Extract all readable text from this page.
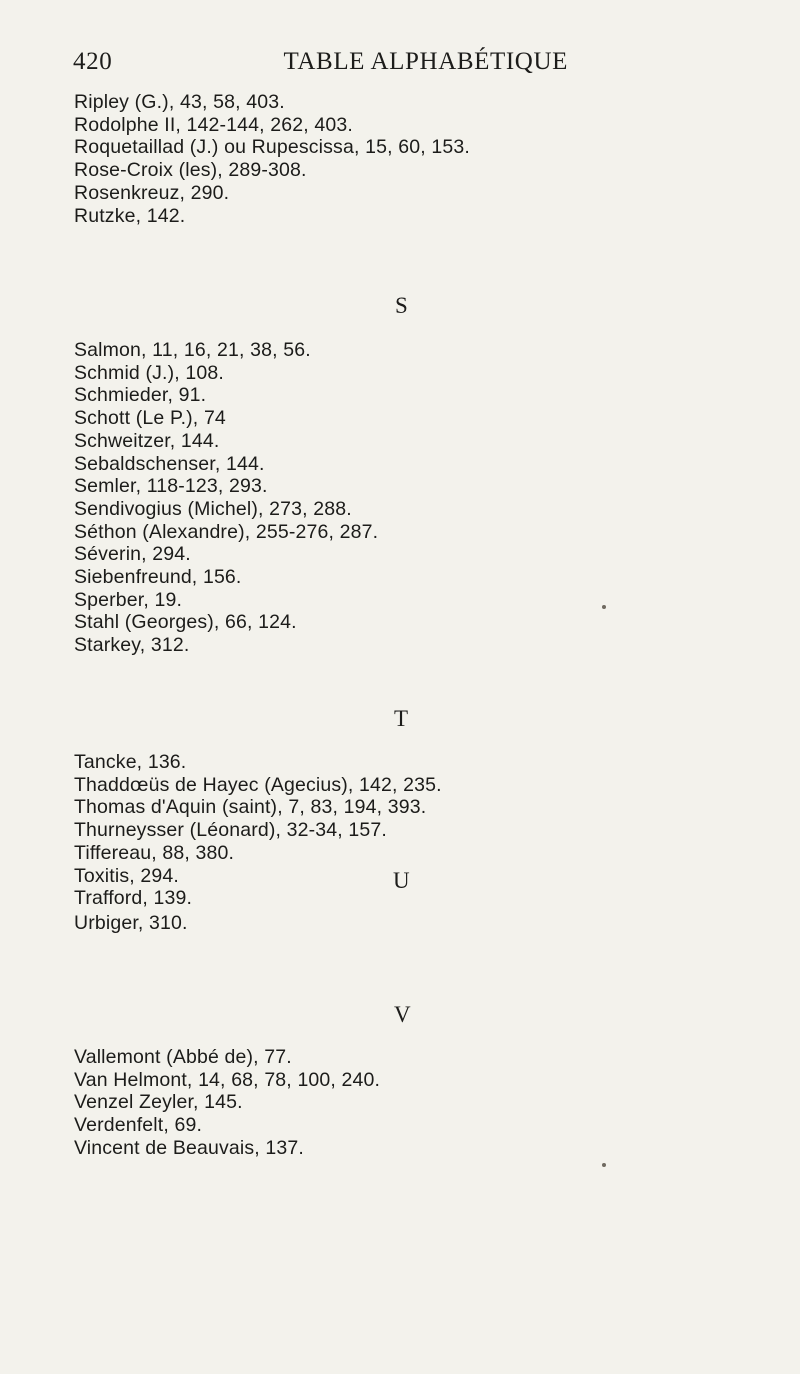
420	TABLE ALPHABÉTIQUE
Ripley (G.), 43, 58, 403.
Rodolphe II, 142-144, 262, 403.
Roquetaillad (J.) ou Rupescissa, 15, 60, 153.
Rose-Croix (les), 289-308.
Rosenkreuz, 290.
Rutzke, 142.
S
Salmon, 11, 16, 21, 38, 56.
Schmid (J.), 108.
Schmieder, 91.
Schott (Le P.), 74
Schweitzer, 144.
Sebaldschenser, 144.
Semler, 118-123, 293.
Sendivogius (Michel), 273, 288.
Séthon (Alexandre), 255-276, 287.
Séverin, 294.
Siebenfreund, 156.
Sperber, 19.
Stahl (Georges), 66, 124.
Starkey, 312.
T
Tancke, 136.
Thaddœüs de Hayec (Agecius), 142, 235.
Thomas d'Aquin (saint), 7, 83, 194, 393.
Thurneysser (Léonard), 32-34, 157.
Tiffereau, 88, 380.
Toxitis, 294.
Trafford, 139.
U
Urbiger, 310.
V
Vallemont (Abbé de), 77.
Van Helmont, 14, 68, 78, 100, 240.
Venzel Zeyler, 145.
Verdenfelt, 69.
Vincent de Beauvais, 137.
